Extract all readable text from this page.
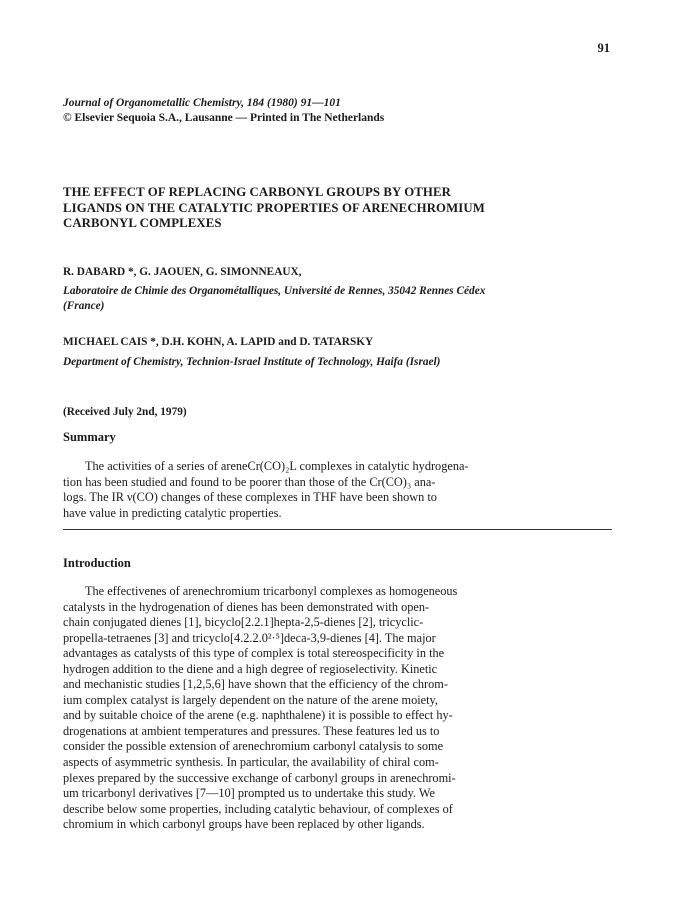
91
Journal of Organometallic Chemistry, 184 (1980) 91—101
© Elsevier Sequoia S.A., Lausanne — Printed in The Netherlands
THE EFFECT OF REPLACING CARBONYL GROUPS BY OTHER
LIGANDS ON THE CATALYTIC PROPERTIES OF ARENECHROMIUM
CARBONYL COMPLEXES
R. DABARD *, G. JAOUEN, G. SIMONNEAUX,
Laboratoire de Chimie des Organométalliques, Université de Rennes, 35042 Rennes Cédex
(France)
MICHAEL CAIS *, D.H. KOHN, A. LAPID and D. TATARSKY
Department of Chemistry, Technion-Israel Institute of Technology, Haifa (Israel)
(Received July 2nd, 1979)
Summary
The activities of a series of areneCr(CO)₂L complexes in catalytic hydrogena-
tion has been studied and found to be poorer than those of the Cr(CO)₃ ana-
logs. The IR ν(CO) changes of these complexes in THF have been shown to
have value in predicting catalytic properties.
Introduction
The effectivenes of arenechromium tricarbonyl complexes as homogeneous
catalysts in the hydrogenation of dienes has been demonstrated with open-
chain conjugated dienes [1], bicyclo[2.2.1]hepta-2,5-dienes [2], tricyclic-
propella-tetraenes [3] and tricyclo[4.2.2.0²·⁵]deca-3,9-dienes [4]. The major
advantages as catalysts of this type of complex is total stereospecificity in the
hydrogen addition to the diene and a high degree of regioselectivity. Kinetic
and mechanistic studies [1,2,5,6] have shown that the efficiency of the chrom-
ium complex catalyst is largely dependent on the nature of the arene moiety,
and by suitable choice of the arene (e.g. naphthalene) it is possible to effect hy-
drogenations at ambient temperatures and pressures. These features led us to
consider the possible extension of arenechromium carbonyl catalysis to some
aspects of asymmetric synthesis. In particular, the availability of chiral com-
plexes prepared by the successive exchange of carbonyl groups in arenechromi-
um tricarbonyl derivatives [7—10] prompted us to undertake this study. We
describe below some properties, including catalytic behaviour, of complexes of
chromium in which carbonyl groups have been replaced by other ligands.
